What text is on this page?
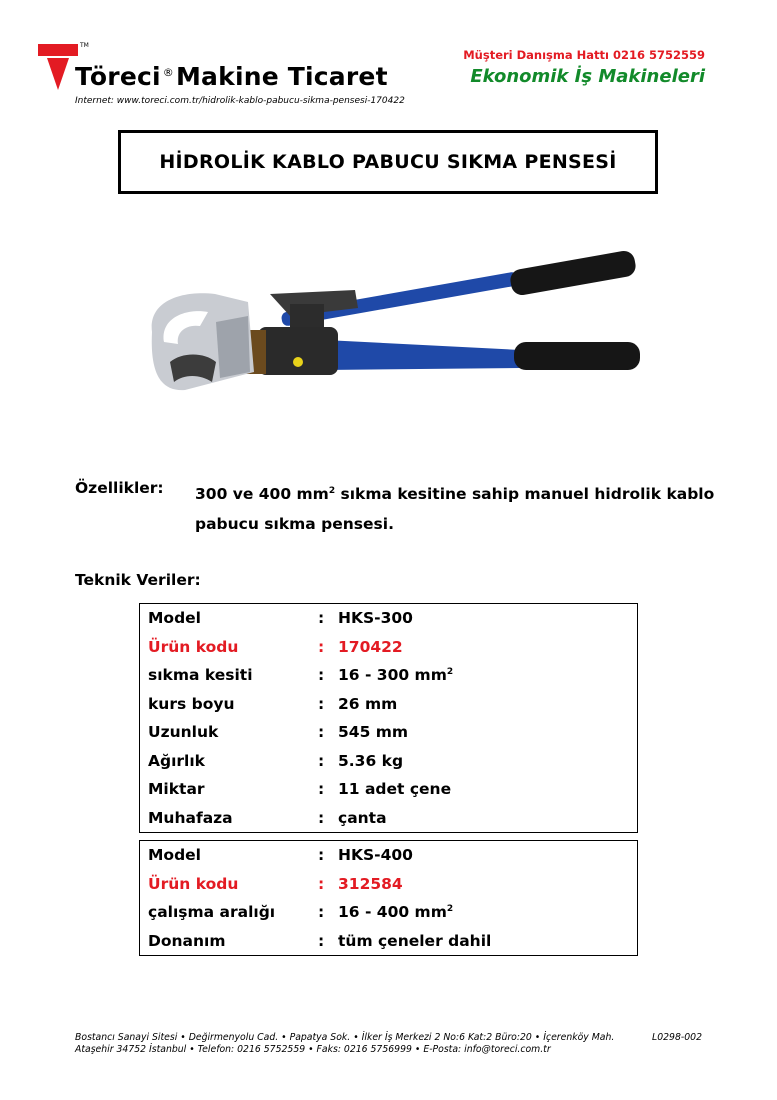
TM
Töreci ®Makine Ticaret
Internet: www.toreci.com.tr/hidrolik-kablo-pabucu-sikma-pensesi-170422
Müşteri Danışma Hattı 0216 5752559
Ekonomik İş Makineleri
HİDROLİK KABLO PABUCU SIKMA PENSESİ
Özellikler: 300 ve 400 $mm^2$ sıkma kesitine sahip manuel hidrolik kablo pabucu sıkma pensesi.
Teknik Veriler:
Model	:	HKS-300
Ürün kodu	:	170422
sıkma kesiti	:	16 - 300 $mm^2$
kurs boyu	:	26 mm
Uzunluk	:	545 mm
Ağırlık	:	5.36 kg
Miktar	:	11 adet çene
Muhafaza	:	çanta
Model	:	HKS-400
Ürün kodu	:	312584
çalışma aralığı	:	16 - 400 $mm^2$
Donanım	:	tüm çeneler dahil
Bostancı Sanayi Sitesi • Değirmenyolu Cad. • Papatya Sok. • İlker İş Merkezi 2 No:6 Kat:2 Büro:20 • İçerenköy Mah.
Ataşehir 34752 İstanbul • Telefon: 0216 5752559 • Faks: 0216 5756999 • E-Posta: info@toreci.com.tr
L0298-002
